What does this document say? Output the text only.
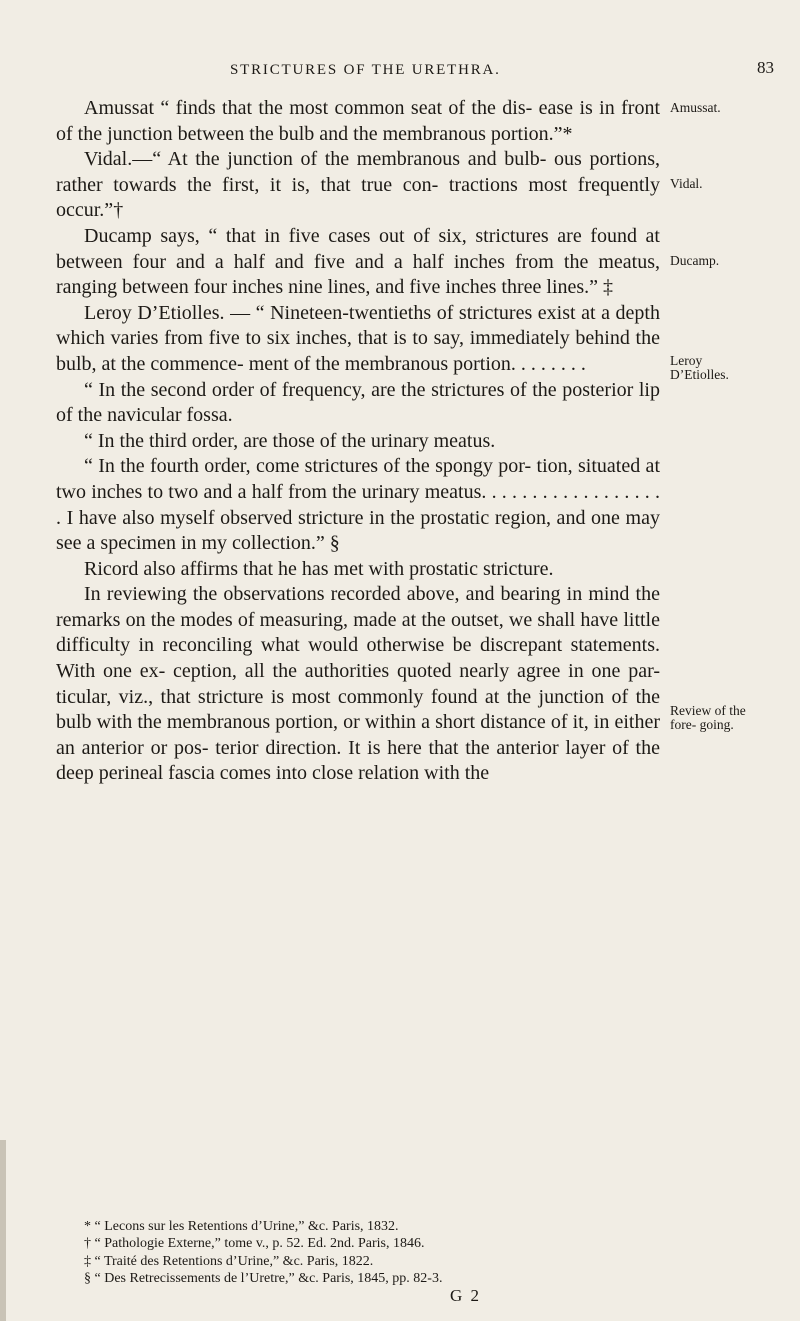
STRICTURES OF THE URETHRA.	83

Amussat “ finds that the most common seat of the dis- ease is in front of the junction between the bulb and the membranous portion.”*

Vidal.—“ At the junction of the membranous and bulb- ous portions, rather towards the first, it is, that true con- tractions most frequently occur.”†

Ducamp says, “ that in five cases out of six, strictures are found at between four and a half and five and a half inches from the meatus, ranging between four inches nine lines, and five inches three lines.” ‡

Leroy D’Etiolles. — “ Nineteen-twentieths of strictures exist at a depth which varies from five to six inches, that is to say, immediately behind the bulb, at the commence- ment of the membranous portion. . . . . . . .

“ In the second order of frequency, are the strictures of the posterior lip of the navicular fossa.

“ In the third order, are those of the urinary meatus.

“ In the fourth order, come strictures of the spongy por- tion, situated at two inches to two and a half from the urinary meatus. . . . . . . . . . . . . . . . . . . I have also myself observed stricture in the prostatic region, and one may see a specimen in my collection.” §

Ricord also affirms that he has met with prostatic stricture.

In reviewing the observations recorded above, and bearing in mind the remarks on the modes of measuring, made at the outset, we shall have little difficulty in reconciling what would otherwise be discrepant statements. With one ex- ception, all the authorities quoted nearly agree in one par- ticular, viz., that stricture is most commonly found at the junction of the bulb with the membranous portion, or within a short distance of it, in either an anterior or pos- terior direction. It is here that the anterior layer of the deep perineal fascia comes into close relation with the

Amussat.
Vidal.
Ducamp.
Leroy D’Etiolles.
Review of the fore- going.

* “ Lecons sur les Retentions d’Urine,” &c. Paris, 1832.

† “ Pathologie Externe,” tome v., p. 52. Ed. 2nd. Paris, 1846.

‡ “ Traité des Retentions d’Urine,” &c. Paris, 1822.

§ “ Des Retrecissements de l’Uretre,” &c. Paris, 1845, pp. 82-3.

G 2
